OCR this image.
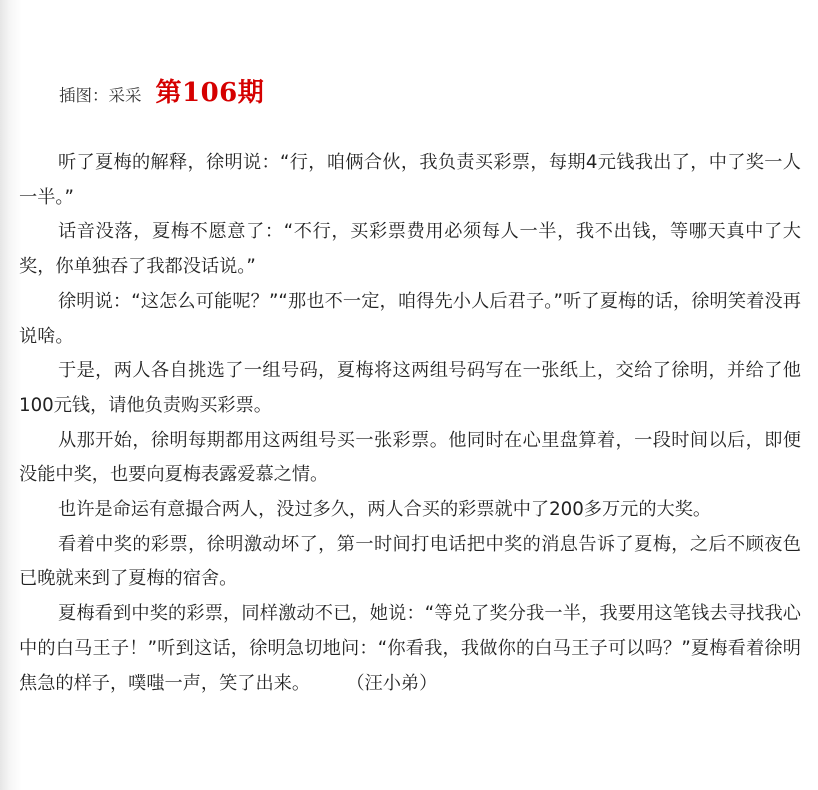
插图：采采 第106期

听了夏梅的解释，徐明说：“行，咱俩合伙，我负责买彩票，每期4元钱我出了，中了奖一人一半。”

话音没落，夏梅不愿意了：“不行，买彩票费用必须每人一半，我不出钱，等哪天真中了大奖，你单独吞了我都没话说。”

徐明说：“这怎么可能呢？”“那也不一定，咱得先小人后君子。”听了夏梅的话，徐明笑着没再说啥。

于是，两人各自挑选了一组号码，夏梅将这两组号码写在一张纸上，交给了徐明，并给了他100元钱，请他负责购买彩票。

从那开始，徐明每期都用这两组号买一张彩票。他同时在心里盘算着，一段时间以后，即便没能中奖，也要向夏梅表露爱慕之情。

也许是命运有意撮合两人，没过多久，两人合买的彩票就中了200多万元的大奖。

看着中奖的彩票，徐明激动坏了，第一时间打电话把中奖的消息告诉了夏梅，之后不顾夜色已晚就来到了夏梅的宿舍。

夏梅看到中奖的彩票，同样激动不已，她说：“等兑了奖分我一半，我要用这笔钱去寻找我心中的白马王子！”听到这话，徐明急切地问：“你看我，我做你的白马王子可以吗？”夏梅看着徐明焦急的样子，噗嗤一声，笑了出来。　　　（汪小弟）
